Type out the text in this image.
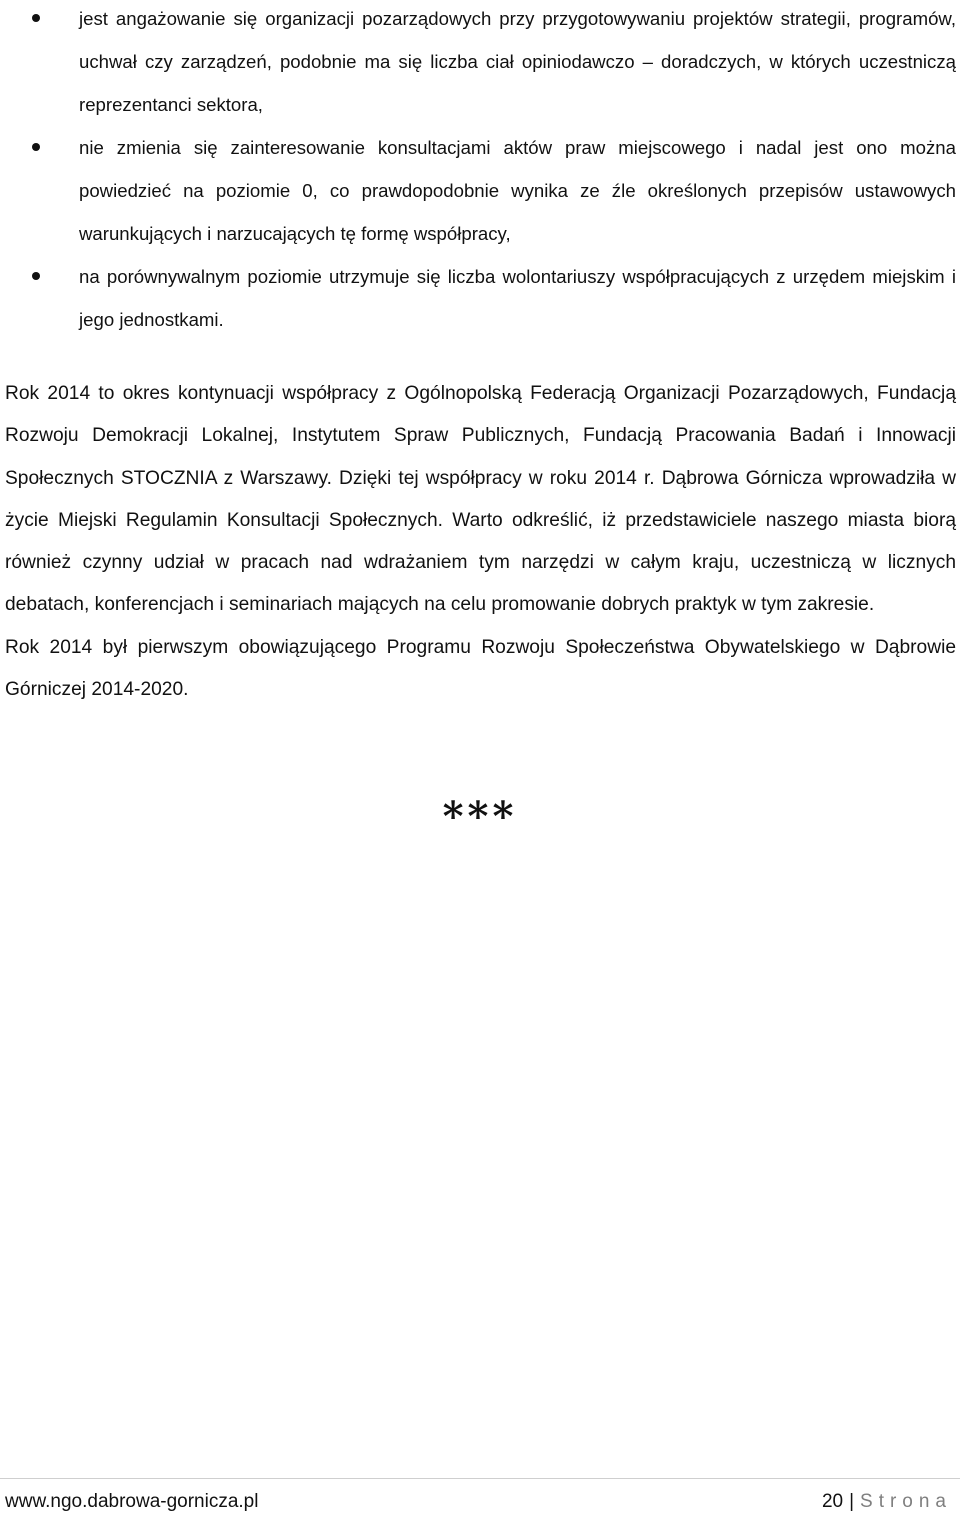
jest angażowanie się organizacji pozarządowych przy przygotowywaniu projektów strategii, programów, uchwał czy zarządzeń, podobnie ma się liczba ciał opiniodawczo – doradczych, w których uczestniczą reprezentanci sektora,
nie zmienia się zainteresowanie konsultacjami aktów praw miejscowego i nadal jest ono można powiedzieć na poziomie 0, co prawdopodobnie wynika ze źle określonych przepisów ustawowych warunkujących i narzucających tę formę współpracy,
na porównywalnym poziomie utrzymuje się liczba wolontariuszy współpracujących z urzędem miejskim i jego jednostkami.

Rok 2014 to okres kontynuacji współpracy z Ogólnopolską Federacją Organizacji Pozarządowych, Fundacją Rozwoju Demokracji Lokalnej, Instytutem Spraw Publicznych, Fundacją Pracowania Badań i Innowacji Społecznych STOCZNIA z Warszawy. Dzięki tej współpracy w roku 2014 r. Dąbrowa Górnicza wprowadziła w życie Miejski Regulamin Konsultacji Społecznych. Warto odkreślić, iż przedstawiciele naszego miasta biorą również czynny udział w pracach nad wdrażaniem tym narzędzi w całym kraju, uczestniczą w licznych debatach, konferencjach i seminariach mających na celu promowanie dobrych praktyk w tym zakresie.

Rok 2014 był pierwszym obowiązującego Programu Rozwoju Społeczeństwa Obywatelskiego w Dąbrowie Górniczej 2014-2020.

***
www.ngo.dabrowa-gornicza.pl	20 | Strona
